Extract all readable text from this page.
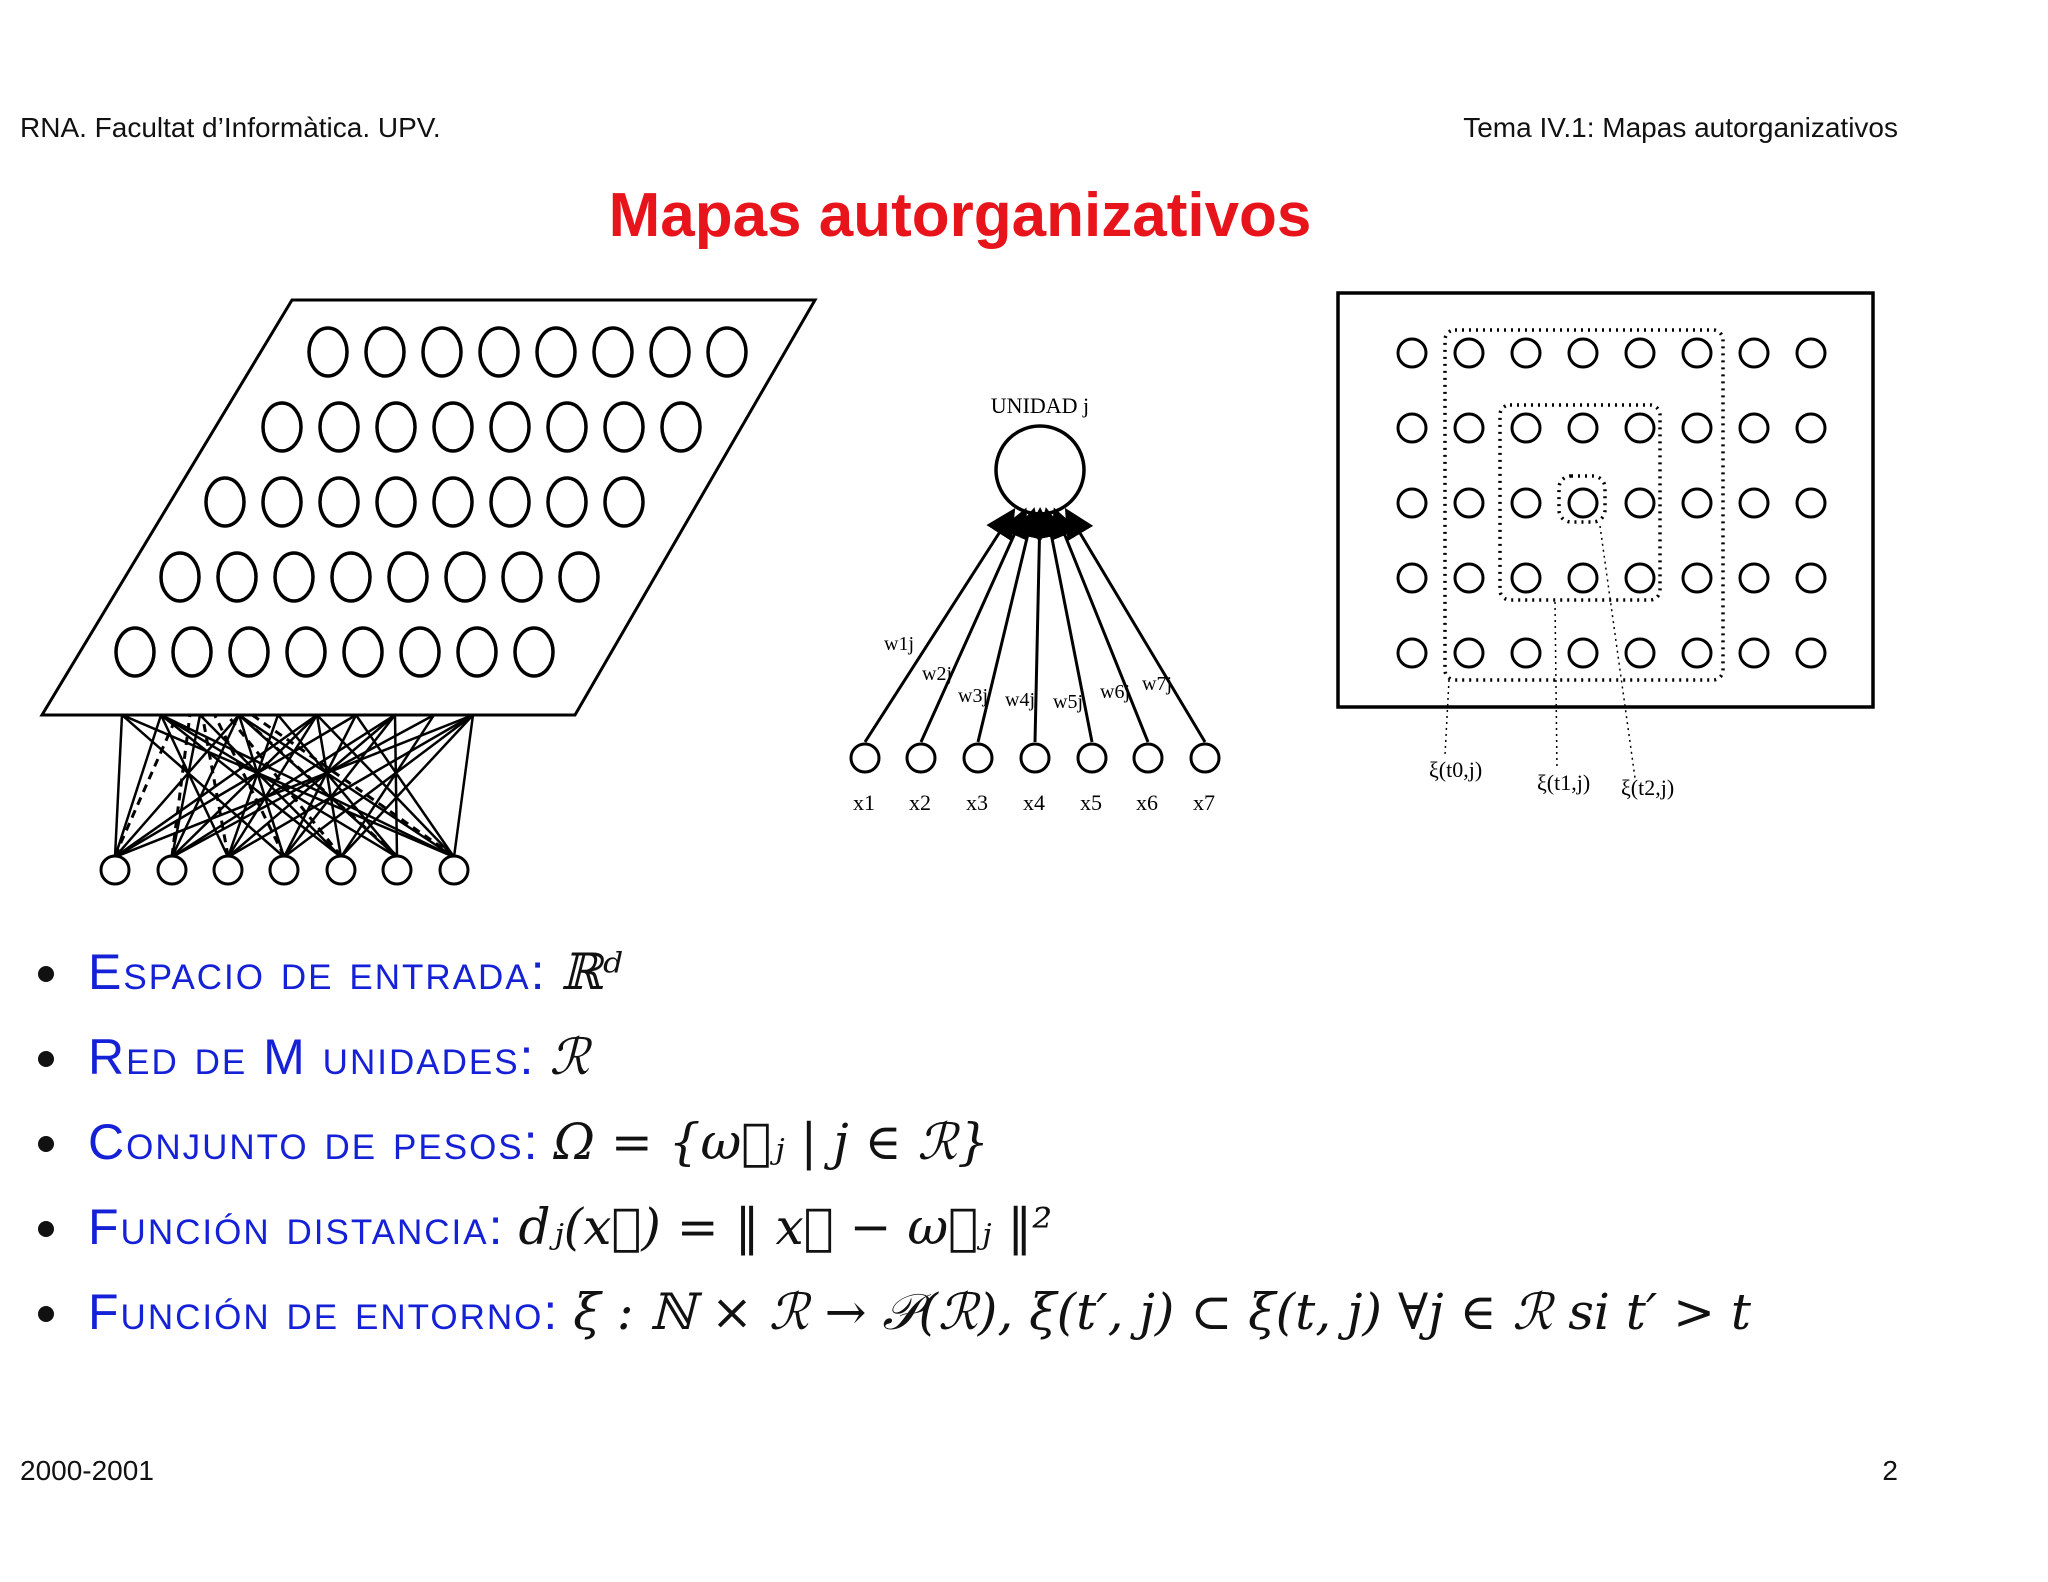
RNA. Facultat d’Informàtica. UPV.	Tema IV.1: Mapas autorganizativos
Mapas autorganizativos
UNIDAD j
w1j
w2j
w3j w4j w5j w6j w7j
x1 x2 x3 x4 x5 x6 x7
ξ(t0,j)
ξ(t1,j) ξ(t2,j)
Espacio de entrada: ℝᵈ
Red de M unidades: ℛ
Conjunto de pesos: Ω = {ω⃗ⱼ | j ∈ ℛ}
Función distancia: dⱼ(x⃗) = ‖ x⃗ − ω⃗ⱼ ‖²
Función de entorno: ξ : ℕ × ℛ → 𝒫(ℛ), ξ(t′, j) ⊂ ξ(t, j) ∀j ∈ ℛ si t′ > t
2000-2001	2
